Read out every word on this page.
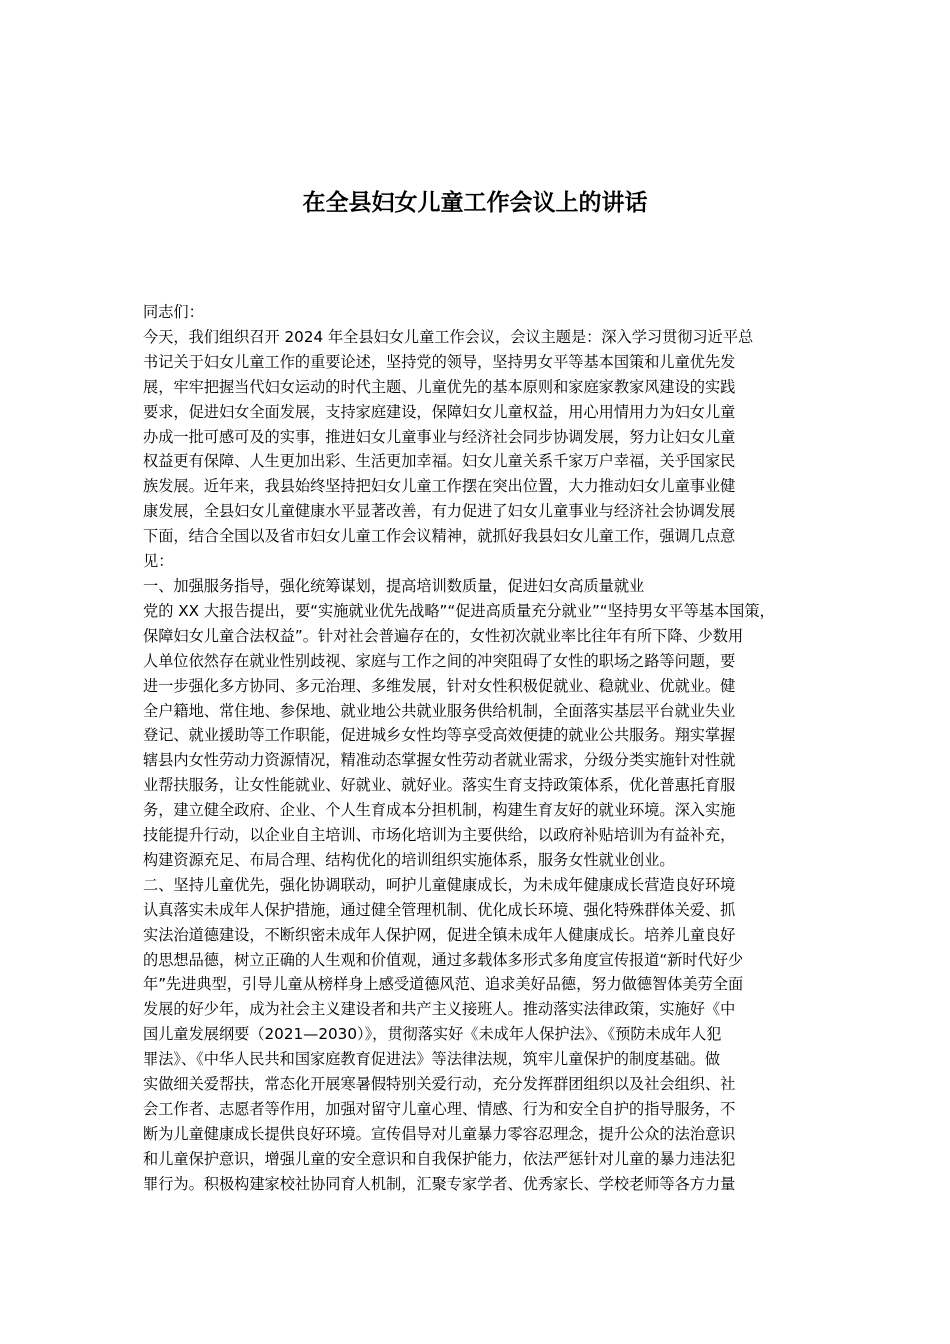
在全县妇女儿童工作会议上的讲话
同志们：
今天，我们组织召开 2024 年全县妇女儿童工作会议，会议主题是：深入学习贯彻习近平总
书记关于妇女儿童工作的重要论述，坚持党的领导，坚持男女平等基本国策和儿童优先发
展，牢牢把握当代妇女运动的时代主题、儿童优先的基本原则和家庭家教家风建设的实践
要求，促进妇女全面发展，支持家庭建设，保障妇女儿童权益，用心用情用力为妇女儿童
办成一批可感可及的实事，推进妇女儿童事业与经济社会同步协调发展，努力让妇女儿童
权益更有保障、人生更加出彩、生活更加幸福。妇女儿童关系千家万户幸福，关乎国家民
族发展。近年来，我县始终坚持把妇女儿童工作摆在突出位置，大力推动妇女儿童事业健
康发展，全县妇女儿童健康水平显著改善，有力促进了妇女儿童事业与经济社会协调发展
下面，结合全国以及省市妇女儿童工作会议精神，就抓好我县妇女儿童工作，强调几点意
见：
一、加强服务指导，强化统筹谋划，提高培训数质量，促进妇女高质量就业
党的 XX 大报告提出，要“实施就业优先战略”“促进高质量充分就业”“坚持男女平等基本国策，
保障妇女儿童合法权益”。针对社会普遍存在的，女性初次就业率比往年有所下降、少数用
人单位依然存在就业性别歧视、家庭与工作之间的冲突阻碍了女性的职场之路等问题，要
进一步强化多方协同、多元治理、多维发展，针对女性积极促就业、稳就业、优就业。健
全户籍地、常住地、参保地、就业地公共就业服务供给机制，全面落实基层平台就业失业
登记、就业援助等工作职能，促进城乡女性均等享受高效便捷的就业公共服务。翔实掌握
辖县内女性劳动力资源情况，精准动态掌握女性劳动者就业需求，分级分类实施针对性就
业帮扶服务，让女性能就业、好就业、就好业。落实生育支持政策体系，优化普惠托育服
务，建立健全政府、企业、个人生育成本分担机制，构建生育友好的就业环境。深入实施
技能提升行动，以企业自主培训、市场化培训为主要供给，以政府补贴培训为有益补充，
构建资源充足、布局合理、结构优化的培训组织实施体系，服务女性就业创业。
二、坚持儿童优先，强化协调联动，呵护儿童健康成长，为未成年健康成长营造良好环境
认真落实未成年人保护措施，通过健全管理机制、优化成长环境、强化特殊群体关爱、抓
实法治道德建设，不断织密未成年人保护网，促进全镇未成年人健康成长。培养儿童良好
的思想品德，树立正确的人生观和价值观，通过多载体多形式多角度宣传报道“新时代好少
年”先进典型，引导儿童从榜样身上感受道德风范、追求美好品德，努力做德智体美劳全面
发展的好少年，成为社会主义建设者和共产主义接班人。推动落实法律政策，实施好《中
国儿童发展纲要（2021—2030）》，贯彻落实好《未成年人保护法》、《预防未成年人犯
罪法》、《中华人民共和国家庭教育促进法》等法律法规，筑牢儿童保护的制度基础。做
实做细关爱帮扶，常态化开展寒暑假特别关爱行动，充分发挥群团组织以及社会组织、社
会工作者、志愿者等作用，加强对留守儿童心理、情感、行为和安全自护的指导服务，不
断为儿童健康成长提供良好环境。宣传倡导对儿童暴力零容忍理念，提升公众的法治意识
和儿童保护意识，增强儿童的安全意识和自我保护能力，依法严惩针对儿童的暴力违法犯
罪行为。积极构建家校社协同育人机制，汇聚专家学者、优秀家长、学校老师等各方力量
